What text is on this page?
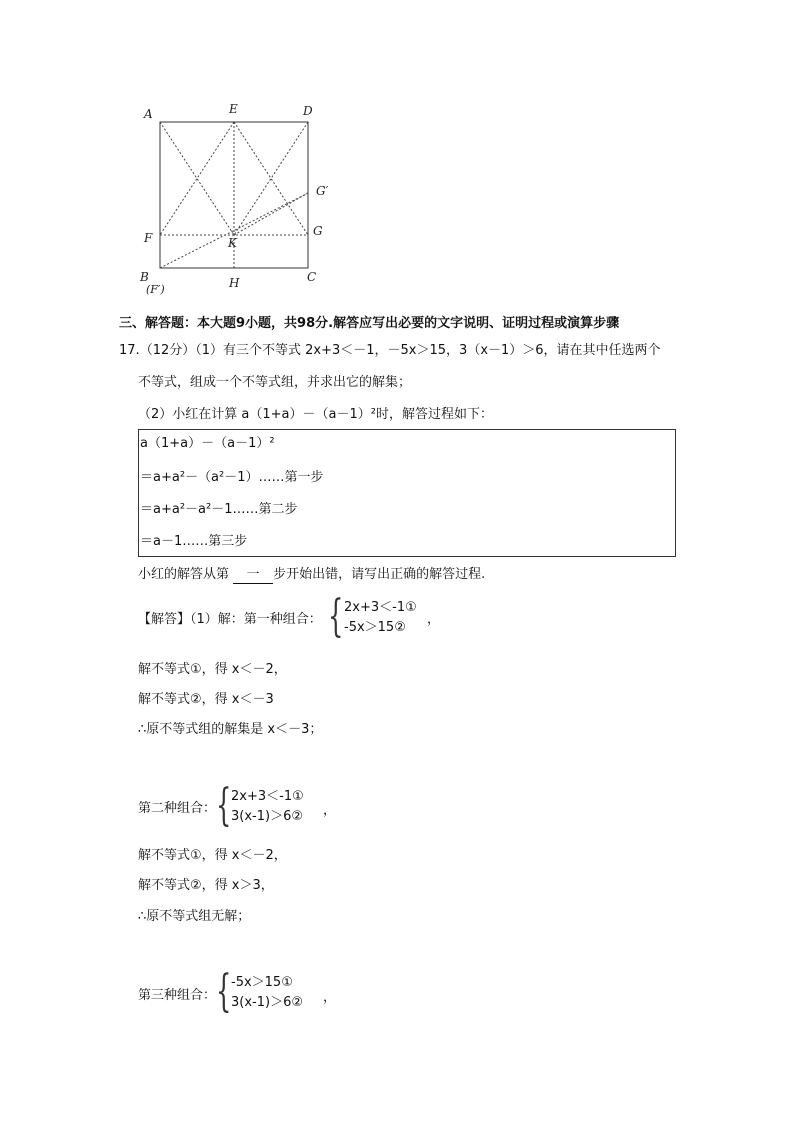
A	E	D
G′
F	K
G
B
(F′)	H	C
三、解答题：本大题9小题，共98分.解答应写出必要的文字说明、证明过程或演算步骤
17.（12分）（1）有三个不等式 2x+3＜－1，－5x＞15，3（x－1）＞6，请在其中任选两个
不等式，组成一个不等式组，并求出它的解集；
（2）小红在计算 a（1+a）－（a－1）²时，解答过程如下：
a（1+a）－（a－1）²
＝a+a²－（a²－1）……第一步
＝a+a²－a²－1……第二步
＝a－1……第三步
小红的解答从第 一 步开始出错，请写出正确的解答过程.
【解答】（1）解：第一种组合： { 2x+3＜-1①
-5x＞15②
，
解不等式①，得 x＜－2，
解不等式②，得 x＜－3
∴原不等式组的解集是 x＜－3；
第二种组合： { 2x+3＜-1①
3(x-1)＞6② ，
解不等式①，得 x＜－2，
解不等式②，得 x＞3，
∴原不等式组无解；
第三种组合： { -5x＞15①
3(x-1)＞6② ，
